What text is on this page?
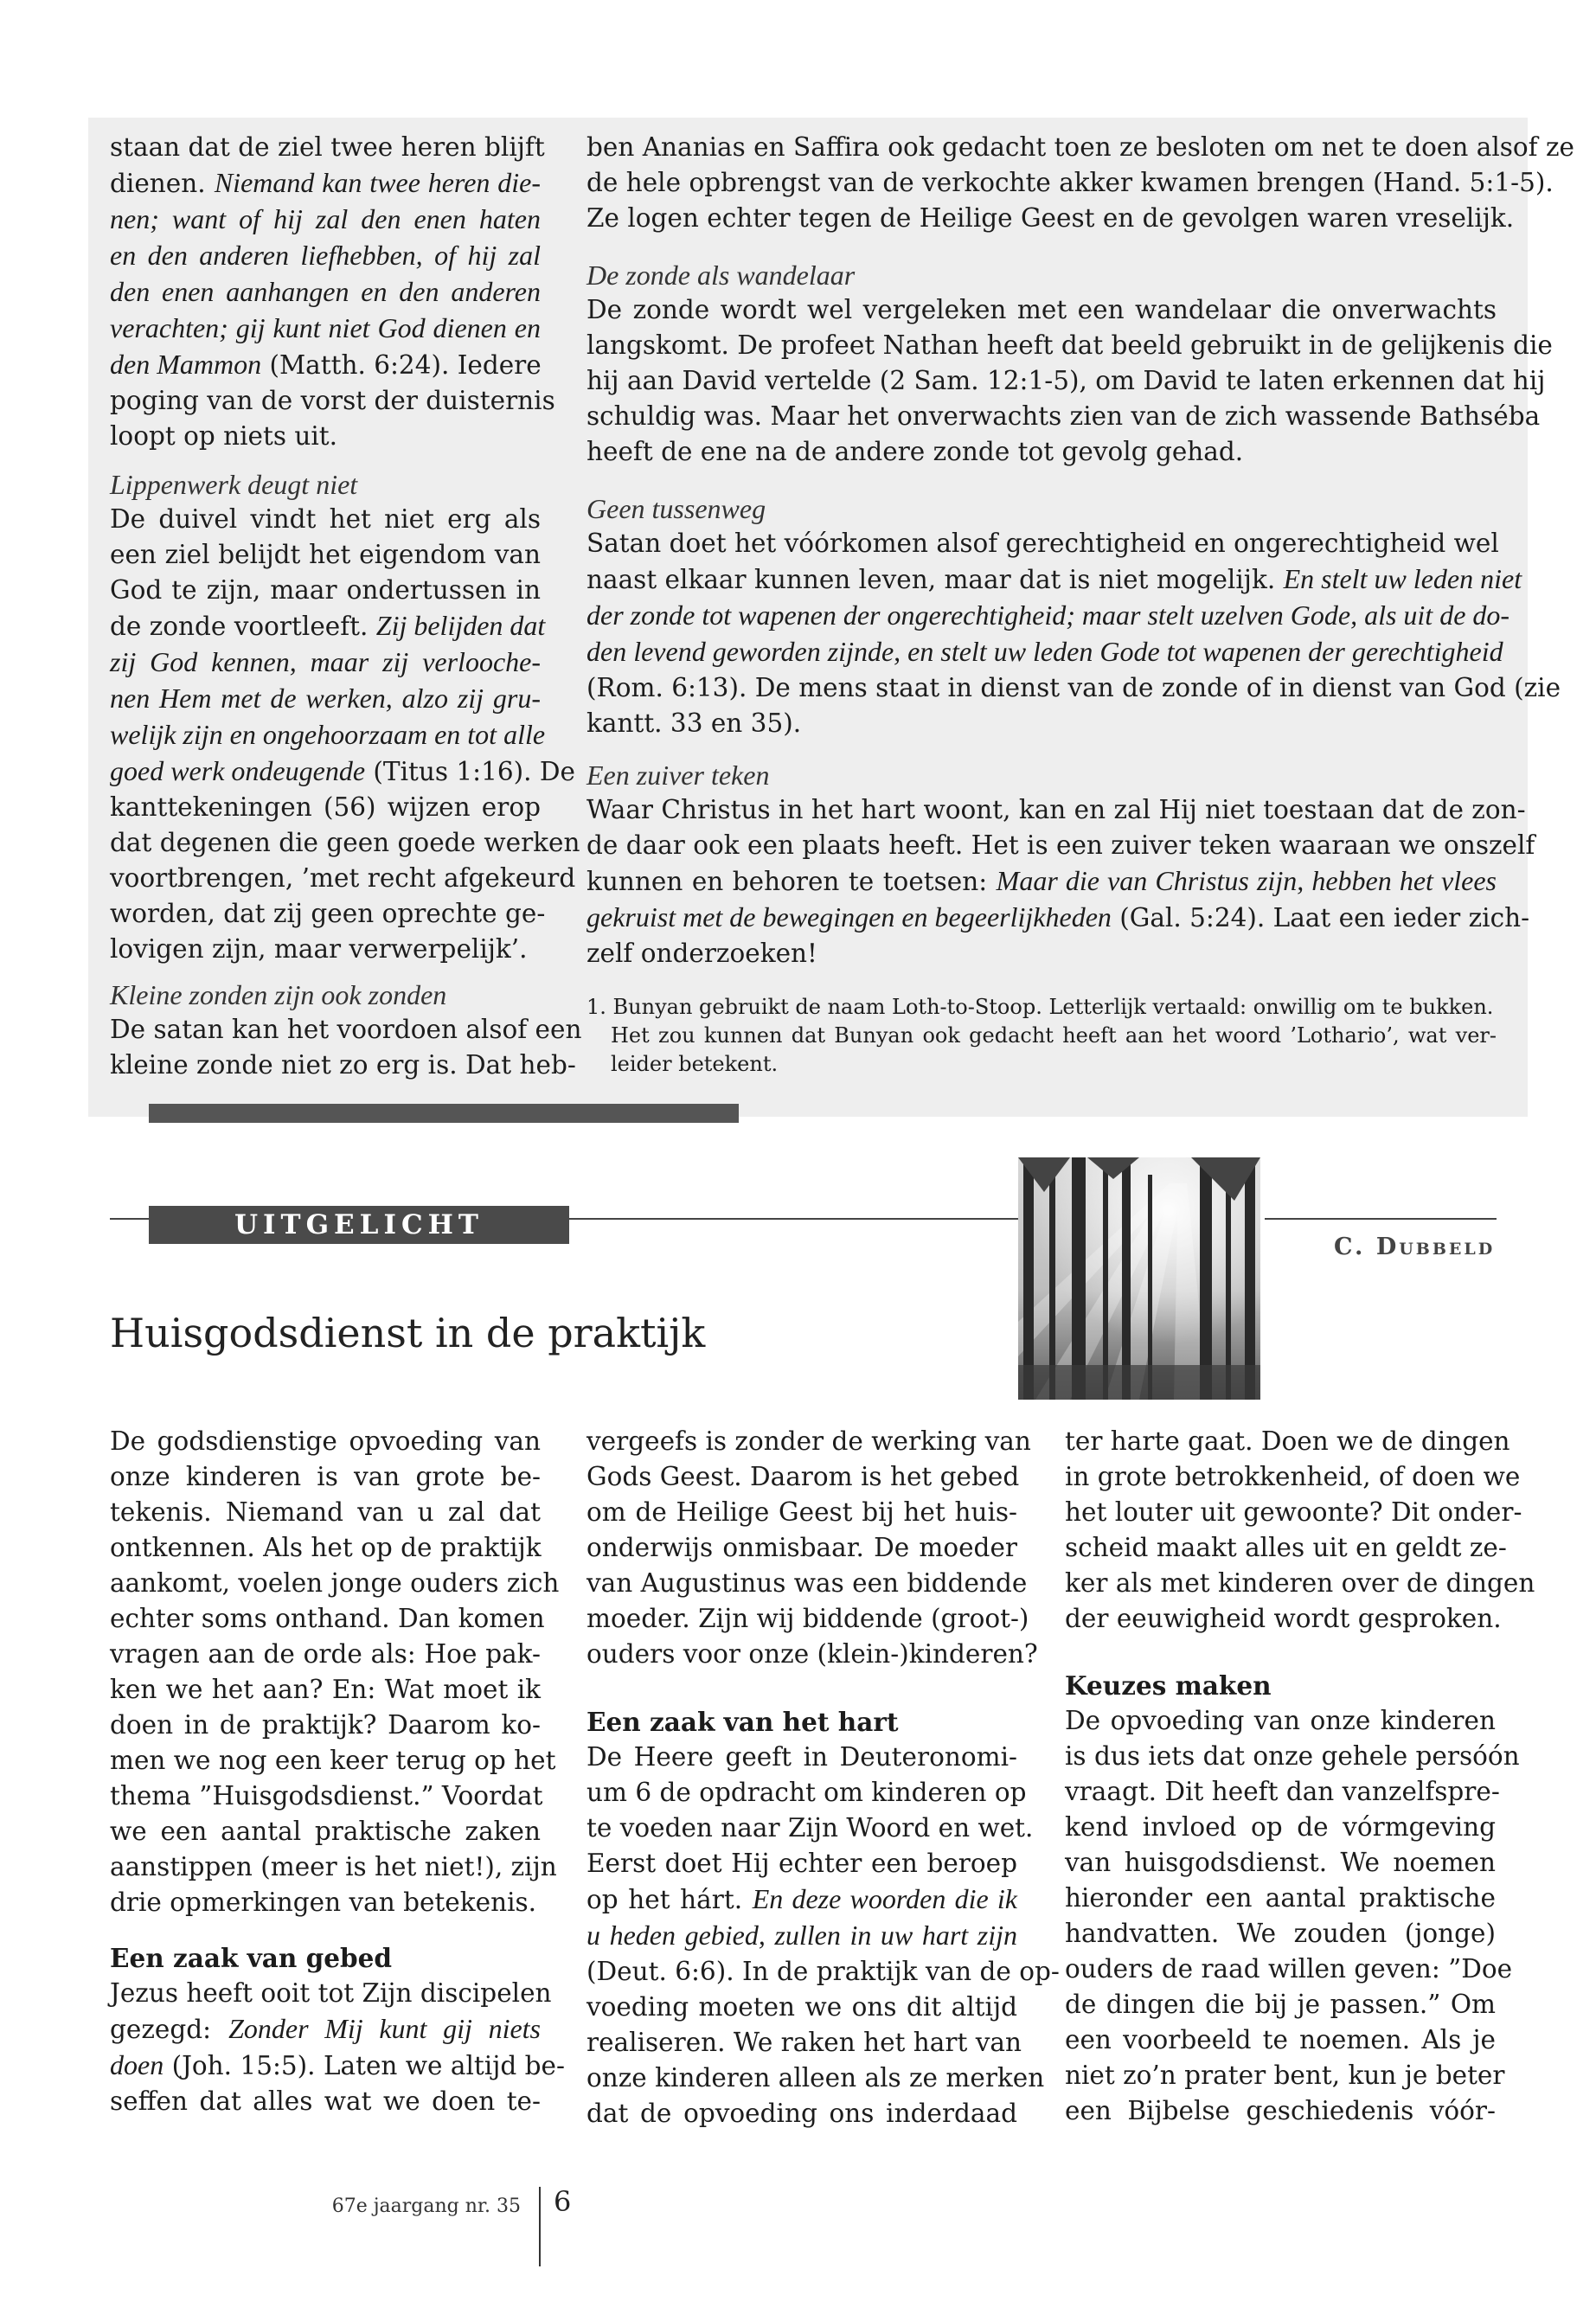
staan dat de ziel twee heren blijft
dienen. Niemand kan twee heren die-
nen; want of hij zal den enen haten
en den anderen liefhebben, of hij zal
den enen aanhangen en den anderen
verachten; gij kunt niet God dienen en
den Mammon (Matth. 6:24). Iedere
poging van de vorst der duisternis
loopt op niets uit.
Lippenwerk deugt niet
De duivel vindt het niet erg als
een ziel belijdt het eigendom van
God te zijn, maar ondertussen in
de zonde voortleeft. Zij belijden dat
zij God kennen, maar zij verlooche-
nen Hem met de werken, alzo zij gru-
welijk zijn en ongehoorzaam en tot alle
goed werk ondeugende (Titus 1:16). De
kanttekeningen (56) wijzen erop
dat degenen die geen goede werken
voortbrengen, ’met recht afgekeurd
worden, dat zij geen oprechte ge-
lovigen zijn, maar verwerpelijk’.
Kleine zonden zijn ook zonden
De satan kan het voordoen alsof een
kleine zonde niet zo erg is. Dat heb-
ben Ananias en Saffira ook gedacht toen ze besloten om net te doen alsof ze
de hele opbrengst van de verkochte akker kwamen brengen (Hand. 5:1-5).
Ze logen echter tegen de Heilige Geest en de gevolgen waren vreselijk.
De zonde als wandelaar
De zonde wordt wel vergeleken met een wandelaar die onverwachts
langskomt. De profeet Nathan heeft dat beeld gebruikt in de gelijkenis die
hij aan David vertelde (2 Sam. 12:1-5), om David te laten erkennen dat hij
schuldig was. Maar het onverwachts zien van de zich wassende Bathséba
heeft de ene na de andere zonde tot gevolg gehad.
Geen tussenweg
Satan doet het vóórkomen alsof gerechtigheid en ongerechtigheid wel
naast elkaar kunnen leven, maar dat is niet mogelijk. En stelt uw leden niet
der zonde tot wapenen der ongerechtigheid; maar stelt uzelven Gode, als uit de do-
den levend geworden zijnde, en stelt uw leden Gode tot wapenen der gerechtigheid
(Rom. 6:13). De mens staat in dienst van de zonde of in dienst van God (zie
kantt. 33 en 35).
Een zuiver teken
Waar Christus in het hart woont, kan en zal Hij niet toestaan dat de zon-
de daar ook een plaats heeft. Het is een zuiver teken waaraan we onszelf
kunnen en behoren te toetsen: Maar die van Christus zijn, hebben het vlees
gekruist met de bewegingen en begeerlijkheden (Gal. 5:24). Laat een ieder zich-
zelf onderzoeken!
1. Bunyan gebruikt de naam Loth-to-Stoop. Letterlijk vertaald: onwillig om te bukken.
Het zou kunnen dat Bunyan ook gedacht heeft aan het woord ’Lothario’, wat ver-
leider betekent.
UITGELICHT
C. Dubbeld
Huisgodsdienst in de praktijk
De godsdienstige opvoeding van
onze kinderen is van grote be-
tekenis. Niemand van u zal dat
ontkennen. Als het op de praktijk
aankomt, voelen jonge ouders zich
echter soms onthand. Dan komen
vragen aan de orde als: Hoe pak-
ken we het aan? En: Wat moet ik
doen in de praktijk? Daarom ko-
men we nog een keer terug op het
thema ”Huisgodsdienst.” Voordat
we een aantal praktische zaken
aanstippen (meer is het niet!), zijn
drie opmerkingen van betekenis.
Een zaak van gebed
Jezus heeft ooit tot Zijn discipelen
gezegd: Zonder Mij kunt gij niets
doen (Joh. 15:5). Laten we altijd be-
seffen dat alles wat we doen te-
vergeefs is zonder de werking van
Gods Geest. Daarom is het gebed
om de Heilige Geest bij het huis-
onderwijs onmisbaar. De moeder
van Augustinus was een biddende
moeder. Zijn wij biddende (groot-)
ouders voor onze (klein-)kinderen?
Een zaak van het hart
De Heere geeft in Deuteronomi-
um 6 de opdracht om kinderen op
te voeden naar Zijn Woord en wet.
Eerst doet Hij echter een beroep
op het hárt. En deze woorden die ik
u heden gebied, zullen in uw hart zijn
(Deut. 6:6). In de praktijk van de op-
voeding moeten we ons dit altijd
realiseren. We raken het hart van
onze kinderen alleen als ze merken
dat de opvoeding ons inderdaad
ter harte gaat. Doen we de dingen
in grote betrokkenheid, of doen we
het louter uit gewoonte? Dit onder-
scheid maakt alles uit en geldt ze-
ker als met kinderen over de dingen
der eeuwigheid wordt gesproken.
Keuzes maken
De opvoeding van onze kinderen
is dus iets dat onze gehele persóón
vraagt. Dit heeft dan vanzelfspre-
kend invloed op de vórmgeving
van huisgodsdienst. We noemen
hieronder een aantal praktische
handvatten. We zouden (jonge)
ouders de raad willen geven: ”Doe
de dingen die bij je passen.” Om
een voorbeeld te noemen. Als je
niet zo’n prater bent, kun je beter
een Bijbelse geschiedenis vóór-
67e jaargang nr. 35 6
